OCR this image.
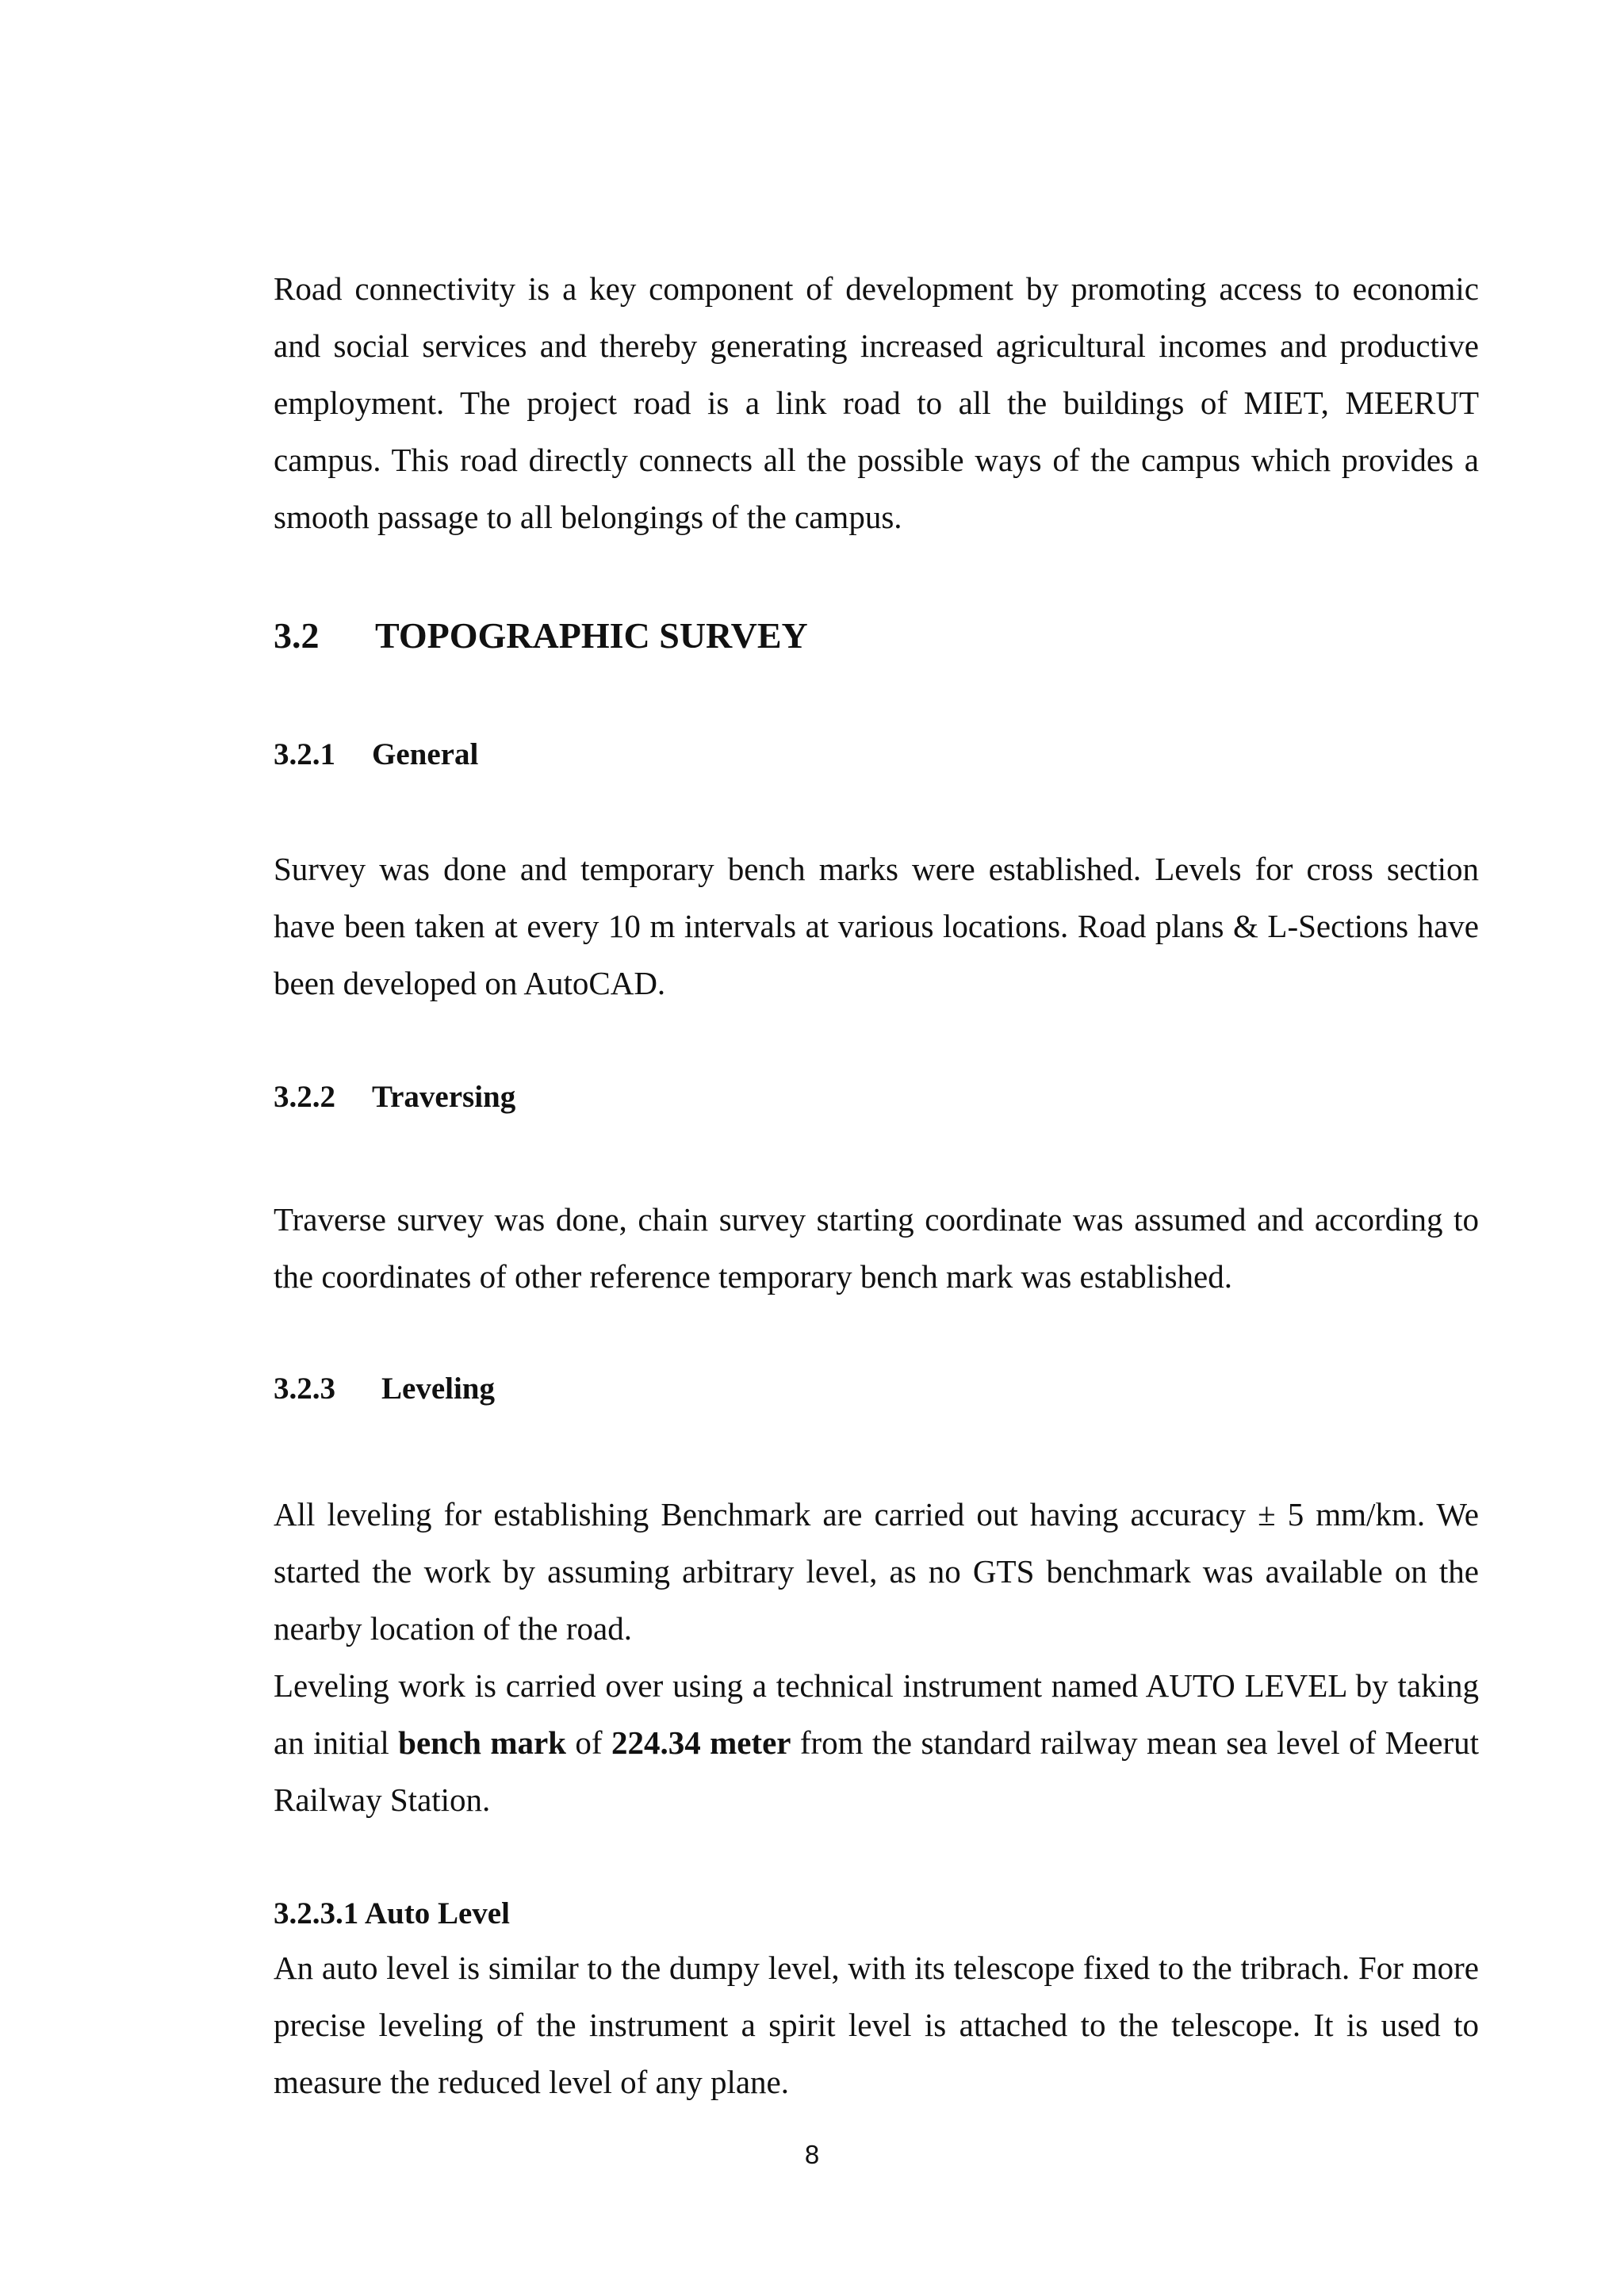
Road connectivity is a key component of development by promoting access to economic and social services and thereby generating increased agricultural incomes and productive employment. The project road is a link road to all the buildings of MIET, MEERUT campus. This road directly connects all the possible ways of the campus which provides a smooth passage to all belongings of the campus.

3.2 TOPOGRAPHIC SURVEY

3.2.1 General

Survey was done and temporary bench marks were established. Levels for cross section have been taken at every 10 m intervals at various locations. Road plans & L-Sections have been developed on AutoCAD.

3.2.2 Traversing

Traverse survey was done, chain survey starting coordinate was assumed and according to the coordinates of other reference temporary bench mark was established.

3.2.3 Leveling

All leveling for establishing Benchmark are carried out having accuracy ± 5 mm/km. We started the work by assuming arbitrary level, as no GTS benchmark was available on the nearby location of the road.

Leveling work is carried over using a technical instrument named AUTO LEVEL by taking an initial bench mark of 224.34 meter from the standard railway mean sea level of Meerut Railway Station.

3.2.3.1 Auto Level

An auto level is similar to the dumpy level, with its telescope fixed to the tribrach. For more precise leveling of the instrument a spirit level is attached to the telescope. It is used to measure the reduced level of any plane.

8
